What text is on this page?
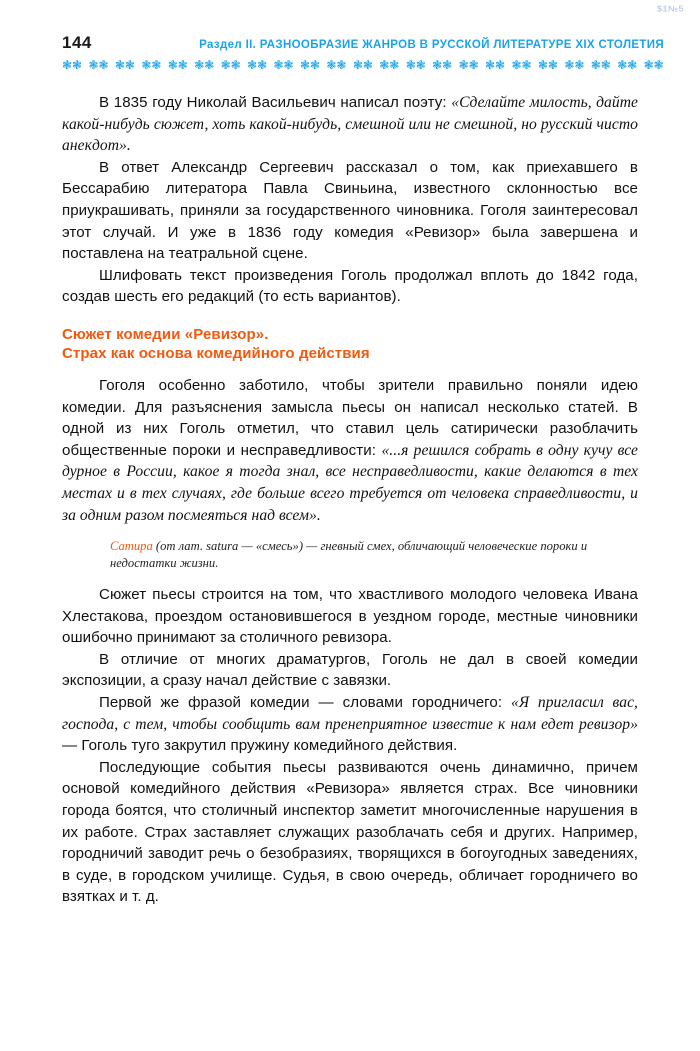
$1№5
144	Раздел II. РАЗНООБРАЗИЕ ЖАНРОВ В РУССКОЙ ЛИТЕРАТУРЕ XIX СТОЛЕТИЯ
❃❃ ❃❃ ❃❃ ❃❃ ❃❃ ❃❃ ❃❃ ❃❃ ❃❃ ❃❃ ❃❃ ❃❃ ❃❃ ❃❃ ❃❃ ❃❃ ❃❃ ❃❃ ❃❃ ❃❃ ❃❃ ❃❃ ❃❃

В 1835 году Николай Васильевич написал поэту: «Сделайте милость, дайте какой-нибудь сюжет, хоть какой-нибудь, смешной или не смешной, но русский чисто анекдот».

В ответ Александр Сергеевич рассказал о том, как приехавшего в Бессарабию литератора Павла Свиньина, известного склонностью все приукрашивать, приняли за государственного чиновника. Гоголя заинтересовал этот случай. И уже в 1836 году комедия «Ревизор» была завершена и поставлена на театральной сцене.

Шлифовать текст произведения Гоголь продолжал вплоть до 1842 года, создав шесть его редакций (то есть вариантов).

Сюжет комедии «Ревизор».
Страх как основа комедийного действия

Гоголя особенно заботило, чтобы зрители правильно поняли идею комедии. Для разъяснения замысла пьесы он написал несколько статей. В одной из них Гоголь отметил, что ставил цель сатирически разоблачить общественные пороки и несправедливости: «...я решился собрать в одну кучу все дурное в России, какое я тогда знал, все несправедливости, какие делаются в тех местах и в тех случаях, где больше всего требуется от человека справедливости, и за одним разом посмеяться над всем».

Сатира (от лат. satura — «смесь») — гневный смех, обличающий человеческие пороки и недостатки жизни.

Сюжет пьесы строится на том, что хвастливого молодого человека Ивана Хлестакова, проездом остановившегося в уездном городе, местные чиновники ошибочно принимают за столичного ревизора.

В отличие от многих драматургов, Гоголь не дал в своей комедии экспозиции, а сразу начал действие с завязки.

Первой же фразой комедии — словами городничего: «Я пригласил вас, господа, с тем, чтобы сообщить вам пренеприятное известие к нам едет ревизор» — Гоголь туго закрутил пружину комедийного действия.

Последующие события пьесы развиваются очень динамично, причем основой комедийного действия «Ревизора» является страх. Все чиновники города боятся, что столичный инспектор заметит многочисленные нарушения в их работе. Страх заставляет служащих разоблачать себя и других. Например, городничий заводит речь о безобразиях, творящихся в богоугодных заведениях, в суде, в городском училище. Судья, в свою очередь, обличает городничего во взятках и т. д.
